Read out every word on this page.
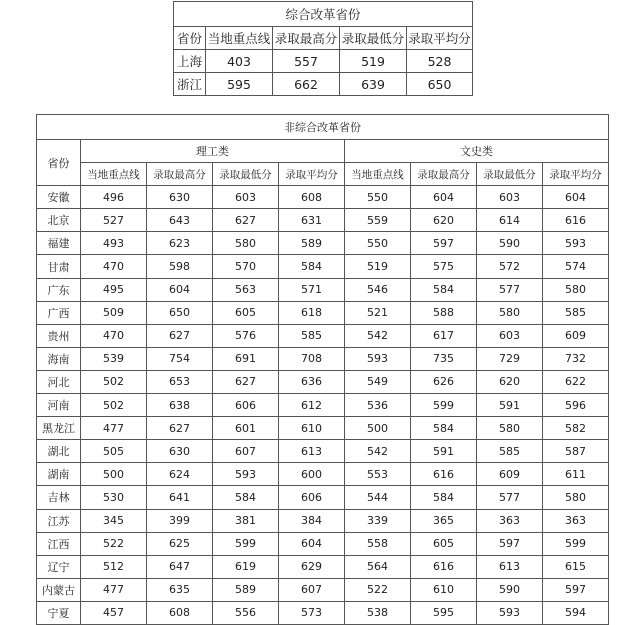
综合改革省份				
省份	当地重点线	录取最高分	录取最低分	录取平均分
上海	403	557	519	528
浙江	595	662	639	650
非综合改革省份								
省份	理工类				文史类			
	当地重点线	录取最高分	录取最低分	录取平均分	当地重点线	录取最高分	录取最低分	录取平均分
安徽	496	630	603	608	550	604	603	604
北京	527	643	627	631	559	620	614	616
福建	493	623	580	589	550	597	590	593
甘肃	470	598	570	584	519	575	572	574
广东	495	604	563	571	546	584	577	580
广西	509	650	605	618	521	588	580	585
贵州	470	627	576	585	542	617	603	609
海南	539	754	691	708	593	735	729	732
河北	502	653	627	636	549	626	620	622
河南	502	638	606	612	536	599	591	596
黑龙江	477	627	601	610	500	584	580	582
湖北	505	630	607	613	542	591	585	587
湖南	500	624	593	600	553	616	609	611
吉林	530	641	584	606	544	584	577	580
江苏	345	399	381	384	339	365	363	363
江西	522	625	599	604	558	605	597	599
辽宁	512	647	619	629	564	616	613	615
内蒙古	477	635	589	607	522	610	590	597
宁夏	457	608	556	573	538	595	593	594
